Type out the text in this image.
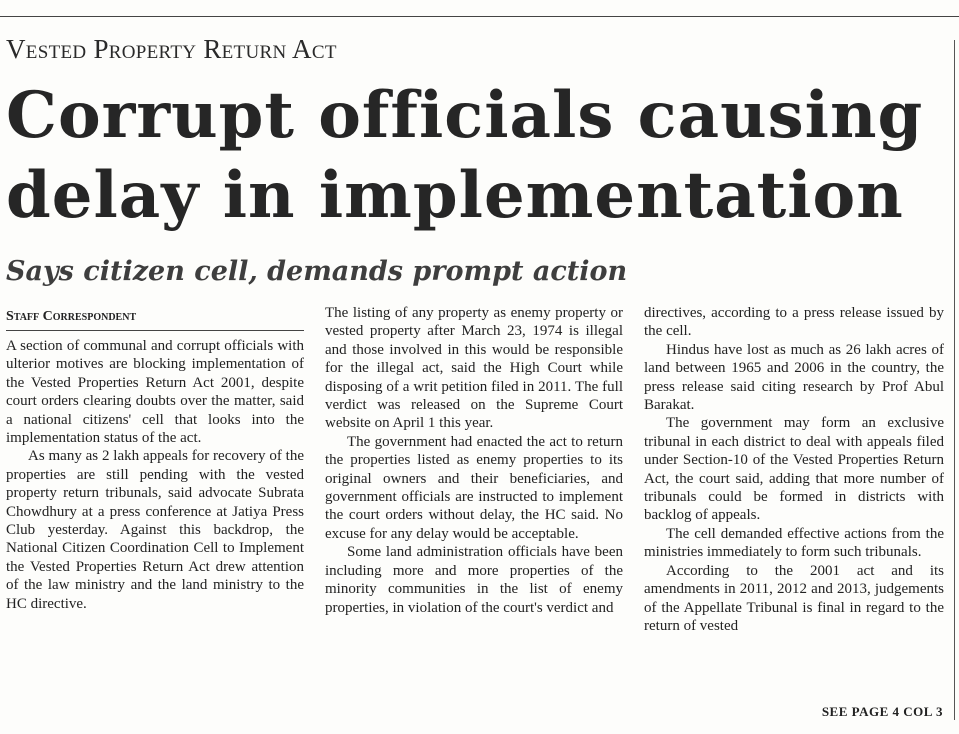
Vested Property Return Act
Corrupt officials causing delay in implementation
Says citizen cell, demands prompt action
Staff Correspondent

A section of communal and corrupt officials with ulterior motives are blocking implementation of the Vested Properties Return Act 2001, despite court orders clearing doubts over the matter, said a national citizens' cell that looks into the implementation status of the act.

As many as 2 lakh appeals for recovery of the properties are still pending with the vested property return tribunals, said advocate Subrata Chowdhury at a press conference at Jatiya Press Club yesterday. Against this backdrop, the National Citizen Coordination Cell to Implement the Vested Properties Return Act drew attention of the law ministry and the land ministry to the HC directive.

The listing of any property as enemy property or vested property after March 23, 1974 is illegal and those involved in this would be responsible for the illegal act, said the High Court while disposing of a writ petition filed in 2011. The full verdict was released on the Supreme Court website on April 1 this year.

The government had enacted the act to return the properties listed as enemy properties to its original owners and their beneficiaries, and government officials are instructed to implement the court orders without delay, the HC said. No excuse for any delay would be acceptable.

Some land administration officials have been including more and more properties of the minority communities in the list of enemy properties, in violation of the court's verdict and

directives, according to a press release issued by the cell.

Hindus have lost as much as 26 lakh acres of land between 1965 and 2006 in the country, the press release said citing research by Prof Abul Barakat.

The government may form an exclusive tribunal in each district to deal with appeals filed under Section-10 of the Vested Properties Return Act, the court said, adding that more number of tribunals could be formed in districts with backlog of appeals.

The cell demanded effective actions from the ministries immediately to form such tribunals.

According to the 2001 act and its amendments in 2011, 2012 and 2013, judgements of the Appellate Tribunal is final in regard to the return of vested

SEE PAGE 4 COL 3
